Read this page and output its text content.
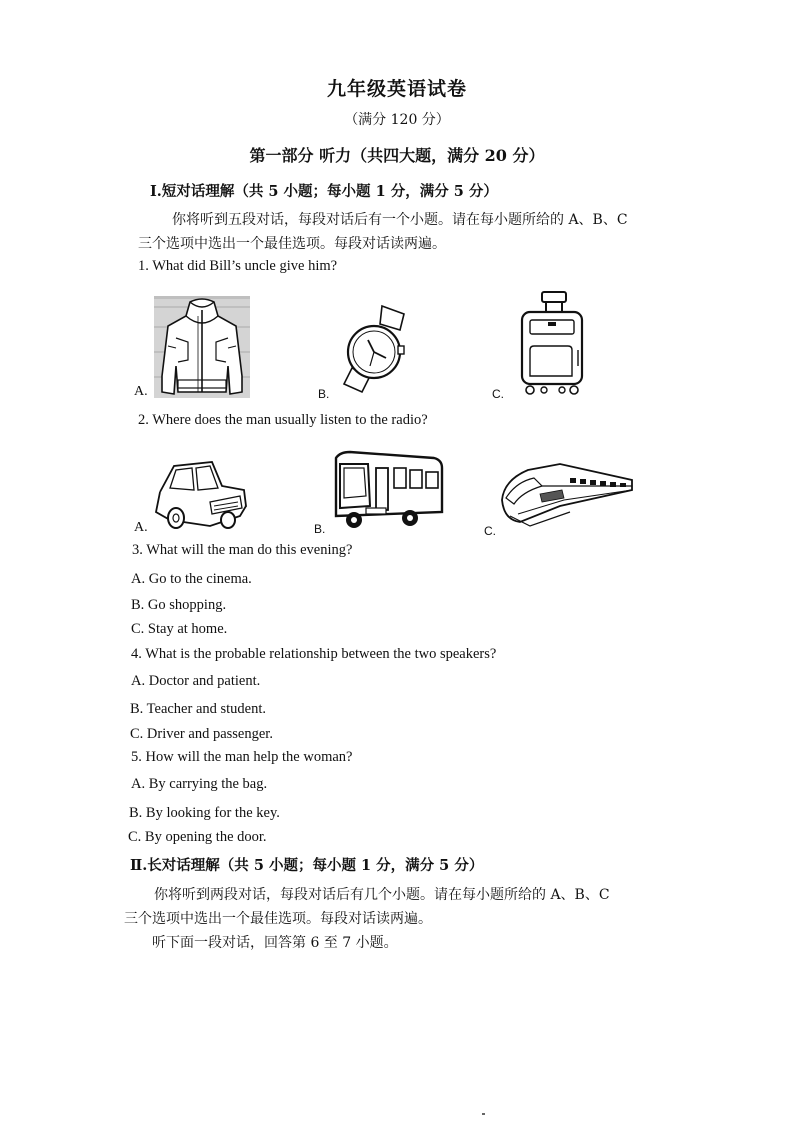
九年级英语试卷
（满分 120 分）
第一部分 听力（共四大题，满分 20 分）
Ⅰ.短对话理解（共 5 小题；每小题 1 分，满分 5 分）
你将听到五段对话，每段对话后有一个小题。请在每小题所给的 A、B、C
三个选项中选出一个最佳选项。每段对话读两遍。
1. What did Bill’s uncle give him?
A.	B.	C.
2. Where does the man usually listen to the radio?
A.	B.	C.
3. What will the man do this evening?
A. Go to the cinema.
B. Go shopping.
C. Stay at home.
4. What is the probable relationship between the two speakers?
A. Doctor and patient.
B. Teacher and student.
C. Driver and passenger.
5. How will the man help the woman?
A. By carrying the bag.
B. By looking for the key.
C. By opening the door.
Ⅱ.长对话理解（共 5 小题；每小题 1 分，满分 5 分）
你将听到两段对话，每段对话后有几个小题。请在每小题所给的 A、B、C
三个选项中选出一个最佳选项。每段对话读两遍。
听下面一段对话，回答第 6 至 7 小题。
